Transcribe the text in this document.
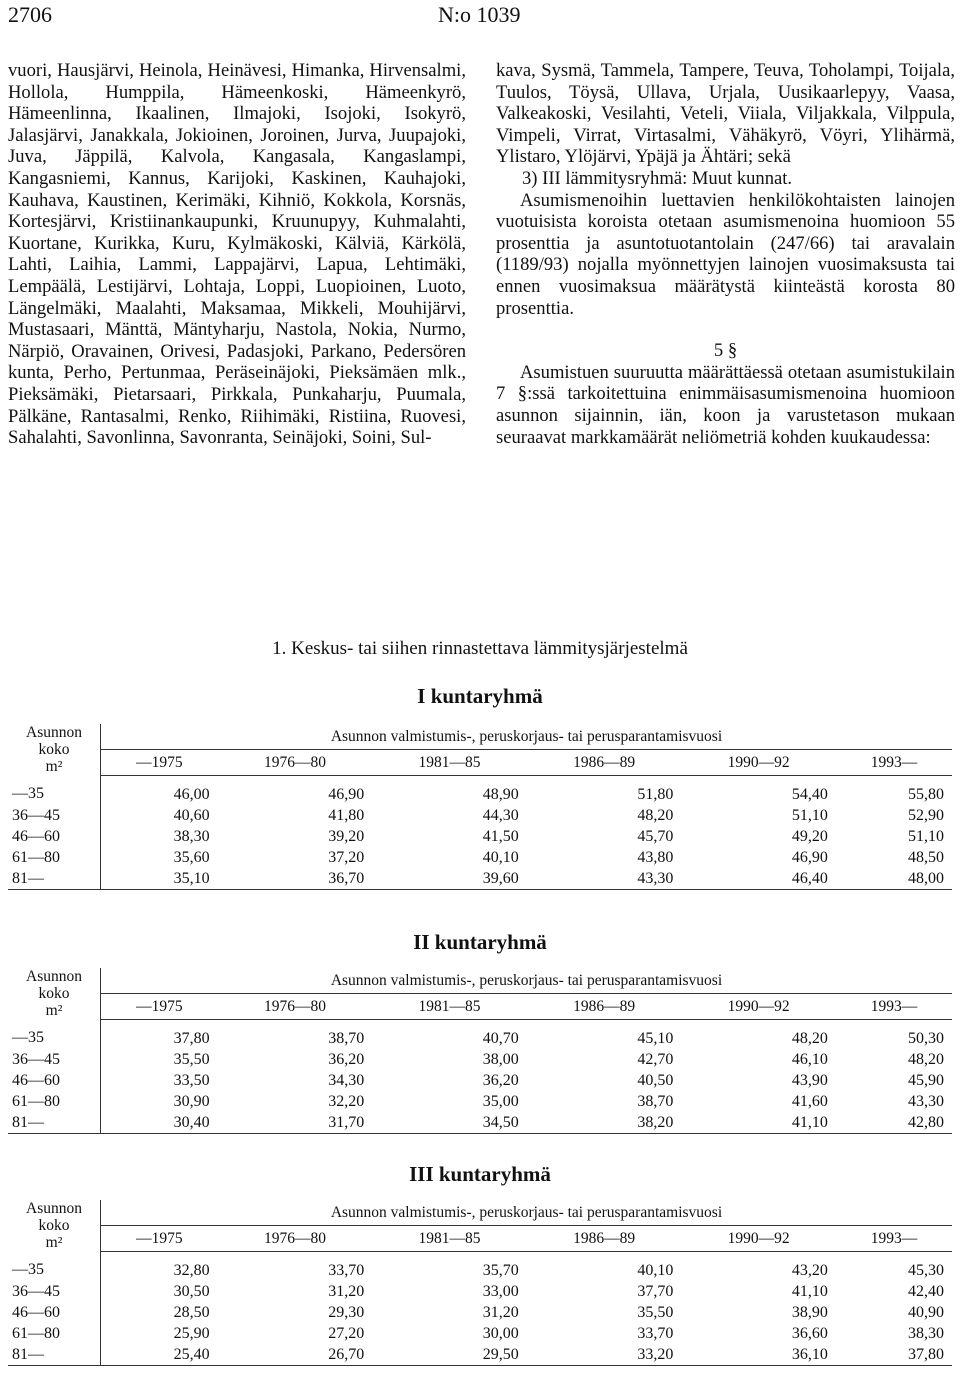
2706	N:o 1039

vuori, Hausjärvi, Heinola, Heinävesi, Himanka, Hirvensalmi, Hollola, Humppila, Hämeenkoski, Hämeenkyrö, Hämeenlinna, Ikaalinen, Ilmajoki, Isojoki, Isokyrö, Jalasjärvi, Janakkala, Jokioinen, Joroinen, Jurva, Juupajoki, Juva, Jäppilä, Kalvola, Kangasala, Kangaslampi, Kangasniemi, Kannus, Karijoki, Kaskinen, Kauhajoki, Kauhava, Kaustinen, Kerimäki, Kihniö, Kokkola, Korsnäs, Kortesjärvi, Kristiinankaupunki, Kruunupyy, Kuhmalahti, Kuortane, Kurikka, Kuru, Kylmäkoski, Kälviä, Kärkölä, Lahti, Laihia, Lammi, Lappajärvi, Lapua, Lehtimäki, Lempäälä, Lestijärvi, Lohtaja, Loppi, Luopioinen, Luoto, Längelmäki, Maalahti, Maksamaa, Mikkeli, Mouhijärvi, Mustasaari, Mänttä, Mäntyharju, Nastola, Nokia, Nurmo, Närpiö, Oravainen, Orivesi, Padasjoki, Parkano, Pedersören kunta, Perho, Pertunmaa, Peräseinäjoki, Pieksämäen mlk., Pieksämäki, Pietarsaari, Pirkkala, Punkaharju, Puumala, Pälkäne, Rantasalmi, Renko, Riihimäki, Ristiina, Ruovesi, Sahalahti, Savonlinna, Savonranta, Seinäjoki, Soini, Sul-

kava, Sysmä, Tammela, Tampere, Teuva, Toholampi, Toijala, Tuulos, Töysä, Ullava, Urjala, Uusikaarlepyy, Vaasa, Valkeakoski, Vesilahti, Veteli, Viiala, Viljakkala, Vilppula, Vimpeli, Virrat, Virtasalmi, Vähäkyrö, Vöyri, Ylihärmä, Ylistaro, Ylöjärvi, Ypäjä ja Ähtäri; sekä

3) III lämmitysryhmä: Muut kunnat.

Asumismenoihin luettavien henkilökohtaisten lainojen vuotuisista koroista otetaan asumismenoina huomioon 55 prosenttia ja asuntotuotantolain (247/66) tai aravalain (1189/93) nojalla myönnettyjen lainojen vuosimaksusta tai ennen vuosimaksua määrätystä kiinteästä korosta 80 prosenttia.

5 §

Asumistuen suuruutta määrättäessä otetaan asumistukilain 7 §:ssä tarkoitettuina enimmäisasumismenoina huomioon asunnon sijainnin, iän, koon ja varustetason mukaan seuraavat markkamäärät neliömetriä kohden kuukaudessa:

1. Keskus- tai siihen rinnastettava lämmitysjärjestelmä
I kuntaryhmä
Asunnon
koko
m²	Asunnon valmistumis-, peruskorjaus- tai perusparantamisvuosi					
	—1975	1976—80	1981—85	1986—89	1990—92	1993—
—35	46,00	46,90	48,90	51,80	54,40	55,80
36—45	40,60	41,80	44,30	48,20	51,10	52,90
46—60	38,30	39,20	41,50	45,70	49,20	51,10
61—80	35,60	37,20	40,10	43,80	46,90	48,50
81—	35,10	36,70	39,60	43,30	46,40	48,00
II kuntaryhmä
Asunnon
koko
m²	Asunnon valmistumis-, peruskorjaus- tai perusparantamisvuosi					
	—1975	1976—80	1981—85	1986—89	1990—92	1993—
—35	37,80	38,70	40,70	45,10	48,20	50,30
36—45	35,50	36,20	38,00	42,70	46,10	48,20
46—60	33,50	34,30	36,20	40,50	43,90	45,90
61—80	30,90	32,20	35,00	38,70	41,60	43,30
81—	30,40	31,70	34,50	38,20	41,10	42,80
III kuntaryhmä
Asunnon
koko
m²	Asunnon valmistumis-, peruskorjaus- tai perusparantamisvuosi					
	—1975	1976—80	1981—85	1986—89	1990—92	1993—
—35	32,80	33,70	35,70	40,10	43,20	45,30
36—45	30,50	31,20	33,00	37,70	41,10	42,40
46—60	28,50	29,30	31,20	35,50	38,90	40,90
61—80	25,90	27,20	30,00	33,70	36,60	38,30
81—	25,40	26,70	29,50	33,20	36,10	37,80
